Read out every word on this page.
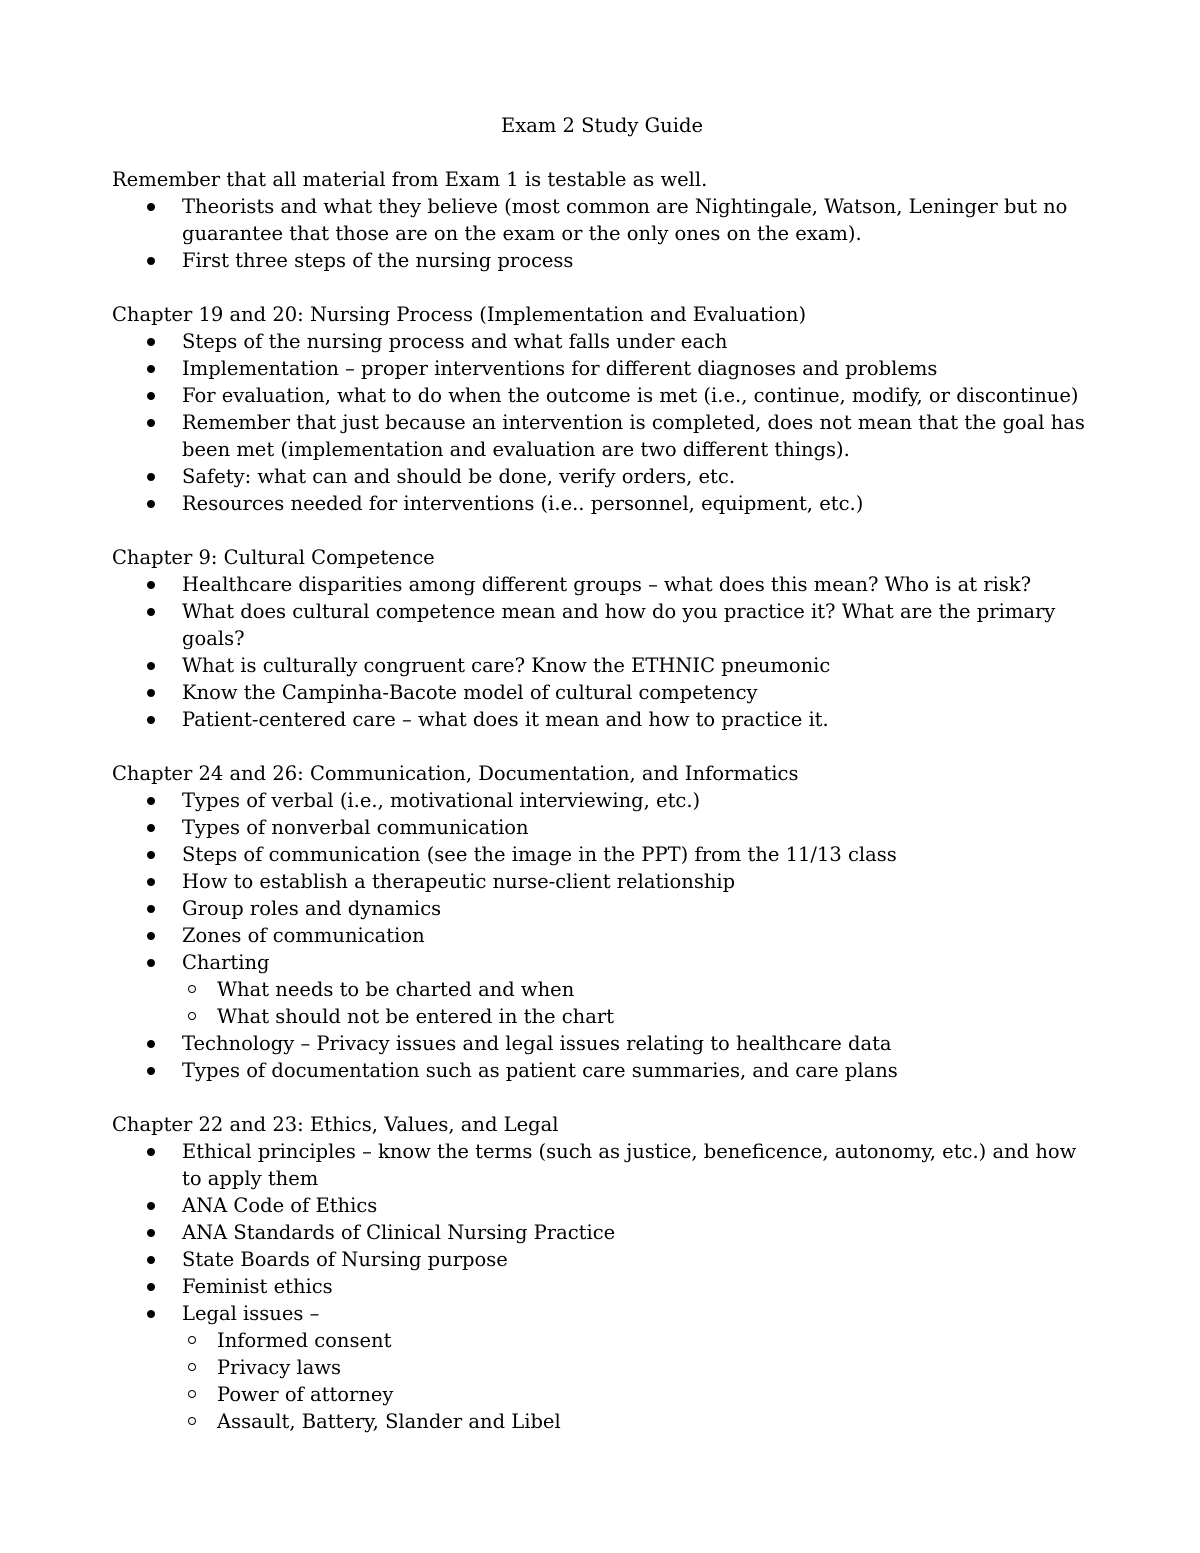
Exam 2 Study Guide

Remember that all material from Exam 1 is testable as well.

Theorists and what they believe (most common are Nightingale, Watson, Leninger but no guarantee that those are on the exam or the only ones on the exam).
First three steps of the nursing process

Chapter 19 and 20: Nursing Process (Implementation and Evaluation)

Steps of the nursing process and what falls under each
Implementation – proper interventions for different diagnoses and problems
For evaluation, what to do when the outcome is met (i.e., continue, modify, or discontinue)
Remember that just because an intervention is completed, does not mean that the goal has been met (implementation and evaluation are two different things).
Safety: what can and should be done, verify orders, etc.
Resources needed for interventions (i.e.. personnel, equipment, etc.)

Chapter 9: Cultural Competence

Healthcare disparities among different groups – what does this mean? Who is at risk?
What does cultural competence mean and how do you practice it? What are the primary goals?
What is culturally congruent care? Know the ETHNIC pneumonic
Know the Campinha-Bacote model of cultural competency
Patient-centered care – what does it mean and how to practice it.

Chapter 24 and 26: Communication, Documentation, and Informatics

Types of verbal (i.e., motivational interviewing, etc.)
Types of nonverbal communication
Steps of communication (see the image in the PPT) from the 11/13 class
How to establish a therapeutic nurse-client relationship
Group roles and dynamics
Zones of communication
Charting
What needs to be charted and when
What should not be entered in the chart
Technology – Privacy issues and legal issues relating to healthcare data
Types of documentation such as patient care summaries, and care plans

Chapter 22 and 23: Ethics, Values, and Legal

Ethical principles – know the terms (such as justice, beneficence, autonomy, etc.) and how to apply them
ANA Code of Ethics
ANA Standards of Clinical Nursing Practice
State Boards of Nursing purpose
Feminist ethics
Legal issues –
Informed consent
Privacy laws
Power of attorney
Assault, Battery, Slander and Libel
